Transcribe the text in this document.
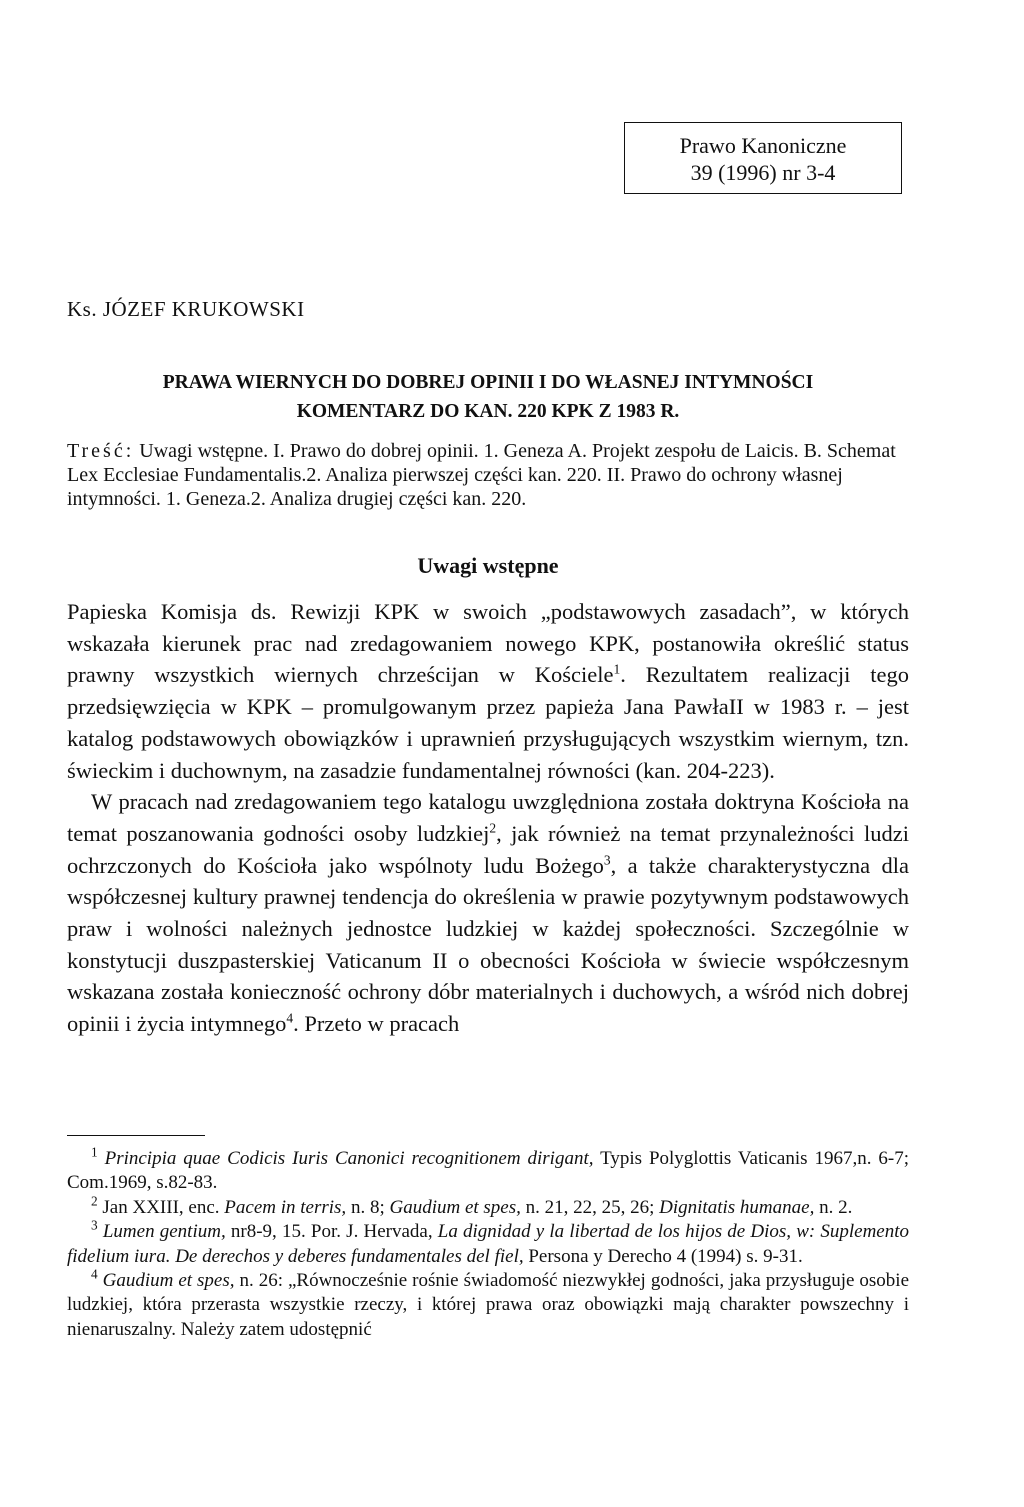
Prawo Kanoniczne
39 (1996) nr 3-4
Ks. JÓZEF KRUKOWSKI
PRAWA WIERNYCH DO DOBREJ OPINII I DO WŁASNEJ INTYMNOŚCI
KOMENTARZ DO KAN. 220 KPK Z 1983 R.
Treść: Uwagi wstępne. I. Prawo do dobrej opinii. 1. Geneza A. Projekt zespołu de Laicis. B. Schemat Lex Ecclesiae Fundamentalis.2. Analiza pierwszej części kan. 220. II. Prawo do ochrony własnej intymności. 1. Geneza.2. Analiza drugiej części kan. 220.
Uwagi wstępne

Papieska Komisja ds. Rewizji KPK w swoich „podstawowych zasadach”, w których wskazała kierunek prac nad zredagowaniem nowego KPK, postanowiła określić status prawny wszystkich wiernych chrześcijan w Kościele$^1$. Rezultatem realizacji tego przedsięwzięcia w KPK – promulgowanym przez papieża Jana PawłaII w 1983 r. – jest katalog podstawowych obowiązków i uprawnień przysługujących wszystkim wiernym, tzn. świeckim i duchownym, na zasadzie fundamentalnej równości (kan. 204-223).

W pracach nad zredagowaniem tego katalogu uwzględniona została doktryna Kościoła na temat poszanowania godności osoby ludzkiej$^2$, jak również na temat przynależności ludzi ochrzczonych do Kościoła jako wspólnoty ludu Bożego$^3$, a także charakterystyczna dla współczesnej kultury prawnej tendencja do określenia w prawie pozytywnym podstawowych praw i wolności należnych jednostce ludzkiej w każdej społeczności. Szczególnie w konstytucji duszpasterskiej Vaticanum II o obecności Kościoła w świecie współczesnym wskazana została konieczność ochrony dóbr materialnych i duchowych, a wśród nich dobrej opinii i życia intymnego$^4$. Przeto w pracach

$^1$ Principia quae Codicis Iuris Canonici recognitionem dirigant, Typis Polyglottis Vaticanis 1967,n. 6-7; Com.1969, s.82-83.

$^2$ Jan XXIII, enc. Pacem in terris, n. 8; Gaudium et spes, n. 21, 22, 25, 26; Dignitatis humanae, n. 2.

$^3$ Lumen gentium, nr8-9, 15. Por. J. Hervada, La dignidad y la libertad de los hijos de Dios, w: Suplemento fidelium iura. De derechos y deberes fundamentales del fiel, Persona y Derecho 4 (1994) s. 9-31.

$^4$ Gaudium et spes, n. 26: „Równocześnie rośnie świadomość niezwykłej godności, jaka przysługuje osobie ludzkiej, która przerasta wszystkie rzeczy, i której prawa oraz obowiązki mają charakter powszechny i nienaruszalny. Należy zatem udostępnić
